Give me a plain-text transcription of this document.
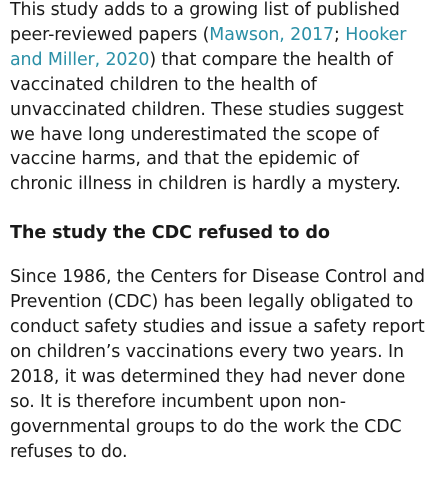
This study adds to a growing list of published
peer-reviewed papers (Mawson, 2017; Hooker
and Miller, 2020) that compare the health of
vaccinated children to the health of
unvaccinated children. These studies suggest
we have long underestimated the scope of
vaccine harms, and that the epidemic of
chronic illness in children is hardly a mystery.

The study the CDC refused to do

Since 1986, the Centers for Disease Control and
Prevention (CDC) has been legally obligated to
conduct safety studies and issue a safety report
on children’s vaccinations every two years. In
2018, it was determined they had never done
so. It is therefore incumbent upon non-
governmental groups to do the work the CDC
refuses to do.
